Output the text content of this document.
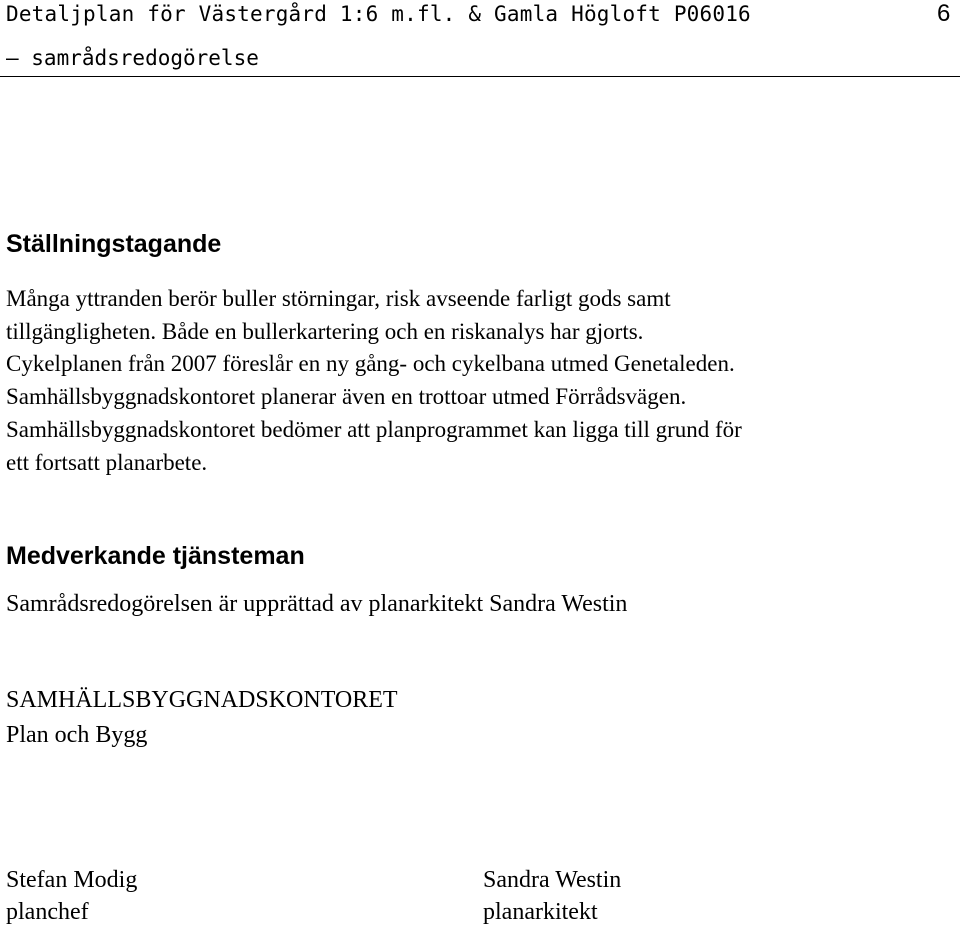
Detaljplan för Västergård 1:6 m.fl. & Gamla Högloft P06016	6
– samrådsredogörelse
Ställningstagande

Många yttranden berör buller störningar, risk avseende farligt gods samt

tillgängligheten. Både en bullerkartering och en riskanalys har gjorts.

Cykelplanen från 2007 föreslår en ny gång- och cykelbana utmed Genetaleden.

Samhällsbyggnadskontoret planerar även en trottoar utmed Förrådsvägen.

Samhällsbyggnadskontoret bedömer att planprogrammet kan ligga till grund för

ett fortsatt planarbete.

Medverkande tjänsteman
Samrådsredogörelsen är upprättad av planarkitekt Sandra Westin
SAMHÄLLSBYGGNADSKONTORET
Plan och Bygg
Stefan Modig
planchef
Sandra Westin
planarkitekt
